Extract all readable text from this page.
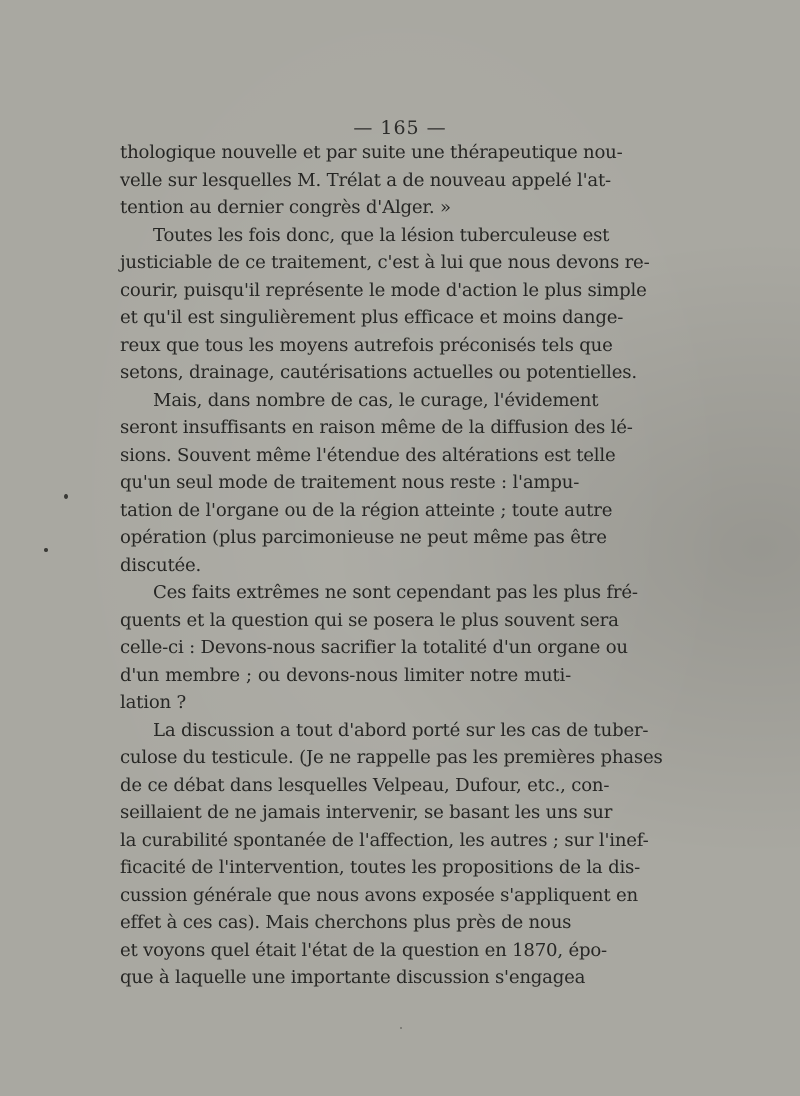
— 165 —
thologique nouvelle et par suite une thérapeutique nou-
velle sur lesquelles M. Trélat a de nouveau appelé l'at-
tention au dernier congrès d'Alger. »
Toutes les fois donc, que la lésion tuberculeuse est
justiciable de ce traitement, c'est à lui que nous devons re-
courir, puisqu'il représente le mode d'action le plus simple
et qu'il est singulièrement plus efficace et moins dange-
reux que tous les moyens autrefois préconisés tels que
setons, drainage, cautérisations actuelles ou potentielles.
Mais, dans nombre de cas, le curage, l'évidement
seront insuffisants en raison même de la diffusion des lé-
sions. Souvent même l'étendue des altérations est telle
qu'un seul mode de traitement nous reste : l'ampu-
tation de l'organe ou de la région atteinte ; toute autre
opération (plus parcimonieuse ne peut même pas être
discutée.
Ces faits extrêmes ne sont cependant pas les plus fré-
quents et la question qui se posera le plus souvent sera
celle-ci : Devons-nous sacrifier la totalité d'un organe ou
d'un membre ; ou devons-nous limiter notre muti-
lation ?
La discussion a tout d'abord porté sur les cas de tuber-
culose du testicule. (Je ne rappelle pas les premières phases
de ce débat dans lesquelles Velpeau, Dufour, etc., con-
seillaient de ne jamais intervenir, se basant les uns sur
la curabilité spontanée de l'affection, les autres ; sur l'inef-
ficacité de l'intervention, toutes les propositions de la dis-
cussion générale que nous avons exposée s'appliquent en
effet à ces cas). Mais cherchons plus près de nous
et voyons quel était l'état de la question en 1870, épo-
que à laquelle une importante discussion s'engagea
